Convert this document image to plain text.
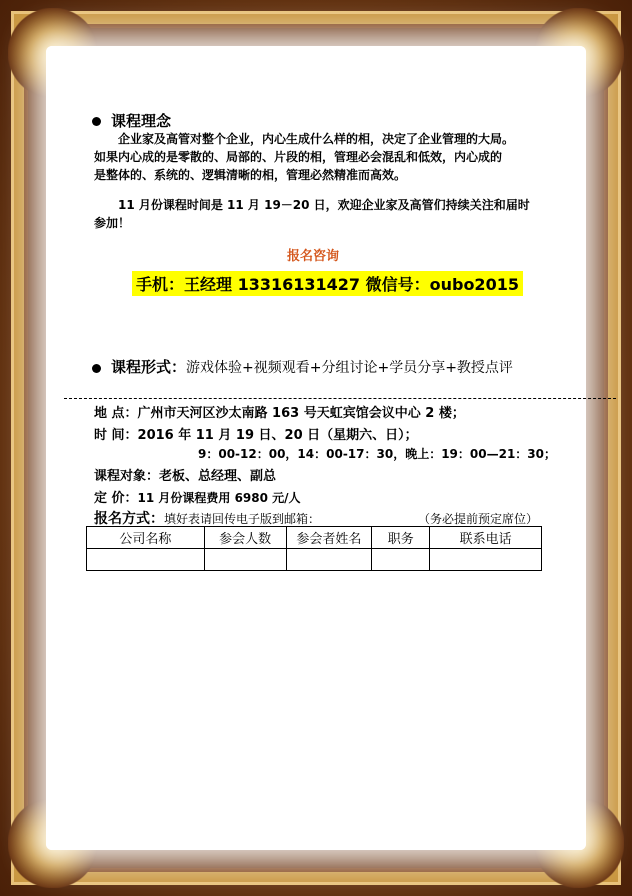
课程理念
企业家及高管对整个企业，内心生成什么样的相，决定了企业管理的大局。
如果内心成的是零散的、局部的、片段的相，管理必会混乱和低效，内心成的
是整体的、系统的、逻辑清晰的相，管理必然精准而高效。
11 月份课程时间是 11 月 19－20 日，欢迎企业家及高管们持续关注和届时
参加！
报名咨询
手机：王经理 13316131427 微信号：oubo2015
课程形式：游戏体验+视频观看+分组讨论+学员分享+教授点评
地 点：广州市天河区沙太南路 163 号天虹宾馆会议中心 2 楼；
时 间：2016 年 11 月 19 日、20 日（星期六、日）；
9：00-12：00，14：00-17：30，晚上：19：00—21：30；
课程对象：老板、总经理、副总
定 价：11 月份课程费用 6980 元/人
报名方式：填好表请回传电子版到邮箱：	（务必提前预定席位）
公司名称	参会人数	参会者姓名	职务	联系电话
